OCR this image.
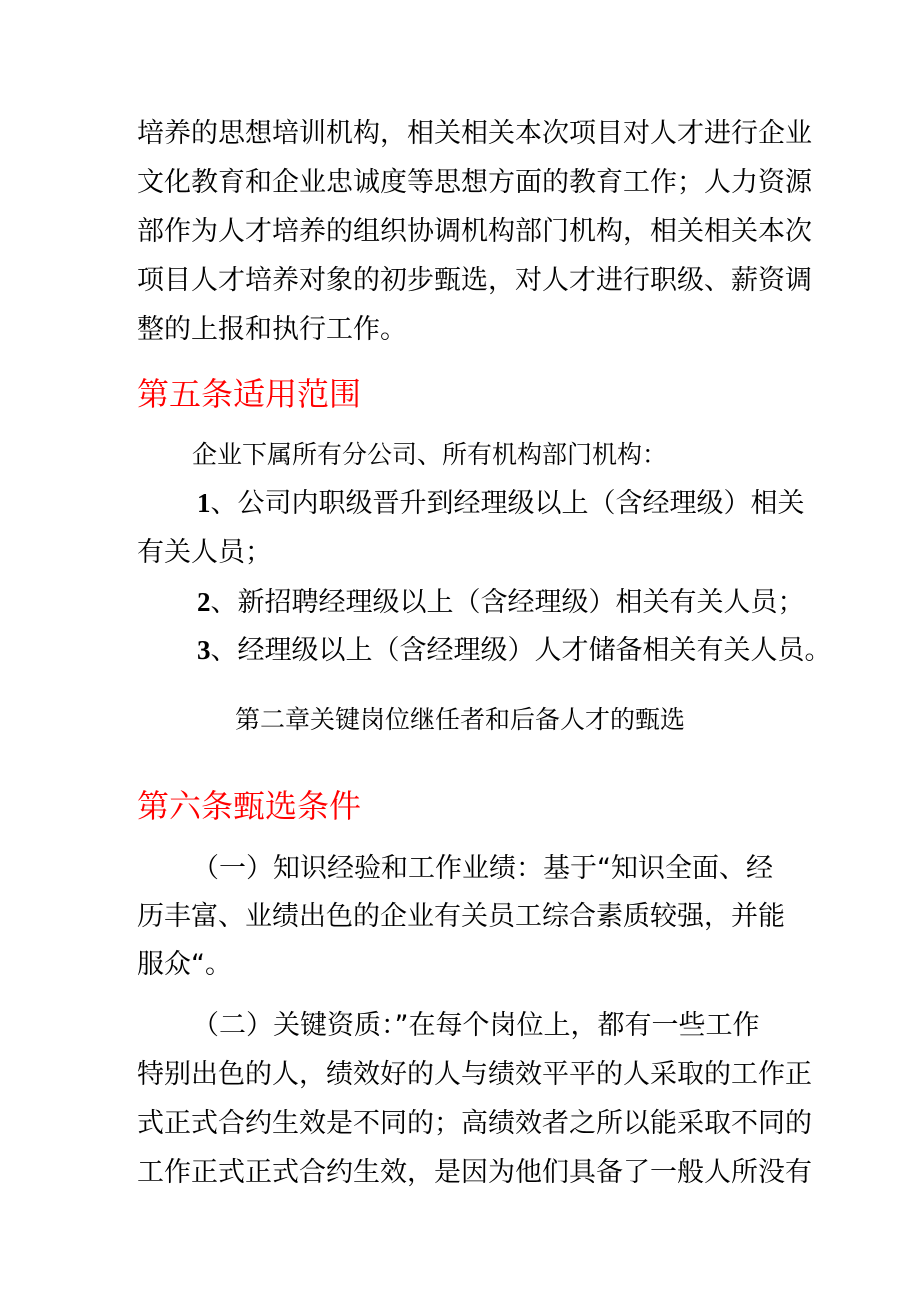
培养的思想培训机构，相关相关本次项目对人才进行企业
文化教育和企业忠诚度等思想方面的教育工作；人力资源
部作为人才培养的组织协调机构部门机构，相关相关本次
项目人才培养对象的初步甄选，对人才进行职级、薪资调
整的上报和执行工作。
第五条适用范围
企业下属所有分公司、所有机构部门机构：
1、公司内职级晋升到经理级以上（含经理级）相关
有关人员；
2、新招聘经理级以上（含经理级）相关有关人员；
3、经理级以上（含经理级）人才储备相关有关人员。
第二章关键岗位继任者和后备人才的甄选
第六条甄选条件
（一）知识经验和工作业绩：基于“知识全面、经
历丰富、业绩出色的企业有关员工综合素质较强，并能
服众“。
（二）关键资质：”在每个岗位上，都有一些工作
特别出色的人，绩效好的人与绩效平平的人采取的工作正
式正式合约生效是不同的；高绩效者之所以能采取不同的
工作正式正式合约生效，是因为他们具备了一般人所没有
